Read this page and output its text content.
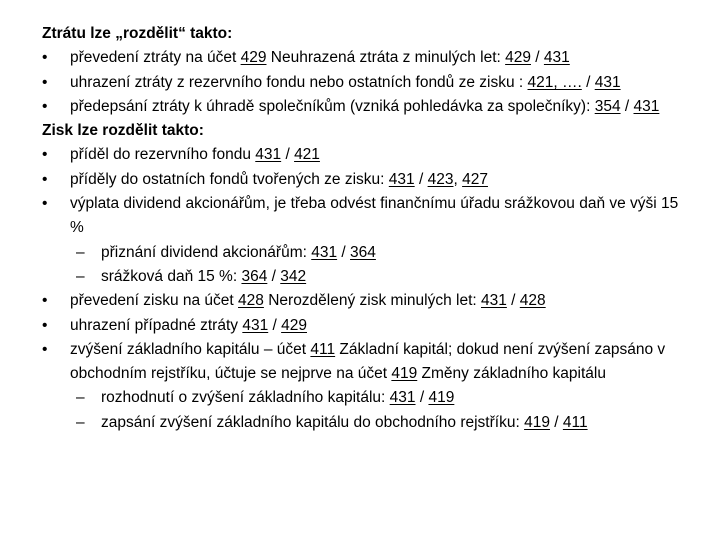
Ztrátu lze „rozdělit“ takto:
• převedení ztráty na účet 429 Neuhrazená ztráta z minulých let: 429 / 431
• uhrazení ztráty z rezervního fondu nebo ostatních fondů ze zisku : 421, …. / 431
• předepsání ztráty k úhradě společníkům (vzniká pohledávka za společníky): 354 / 431
Zisk lze rozdělit takto:
• příděl do rezervního fondu 431 / 421
• příděly do ostatních fondů tvořených ze zisku: 431 / 423, 427
• výplata dividend akcionářům, je třeba odvést finančnímu úřadu srážkovou daň ve výši 15 %
– přiznání dividend akcionářům: 431 / 364
– srážková daň 15 %: 364 / 342
• převedení zisku na účet 428 Nerozdělený zisk minulých let: 431 / 428
• uhrazení případné ztráty 431 / 429
• zvýšení základního kapitálu – účet 411 Základní kapitál; dokud není zvýšení zapsáno v obchodním rejstříku, účtuje se nejprve na účet 419 Změny základního kapitálu
– rozhodnutí o zvýšení základního kapitálu: 431 / 419
– zapsání zvýšení základního kapitálu do obchodního rejstříku: 419 / 411
